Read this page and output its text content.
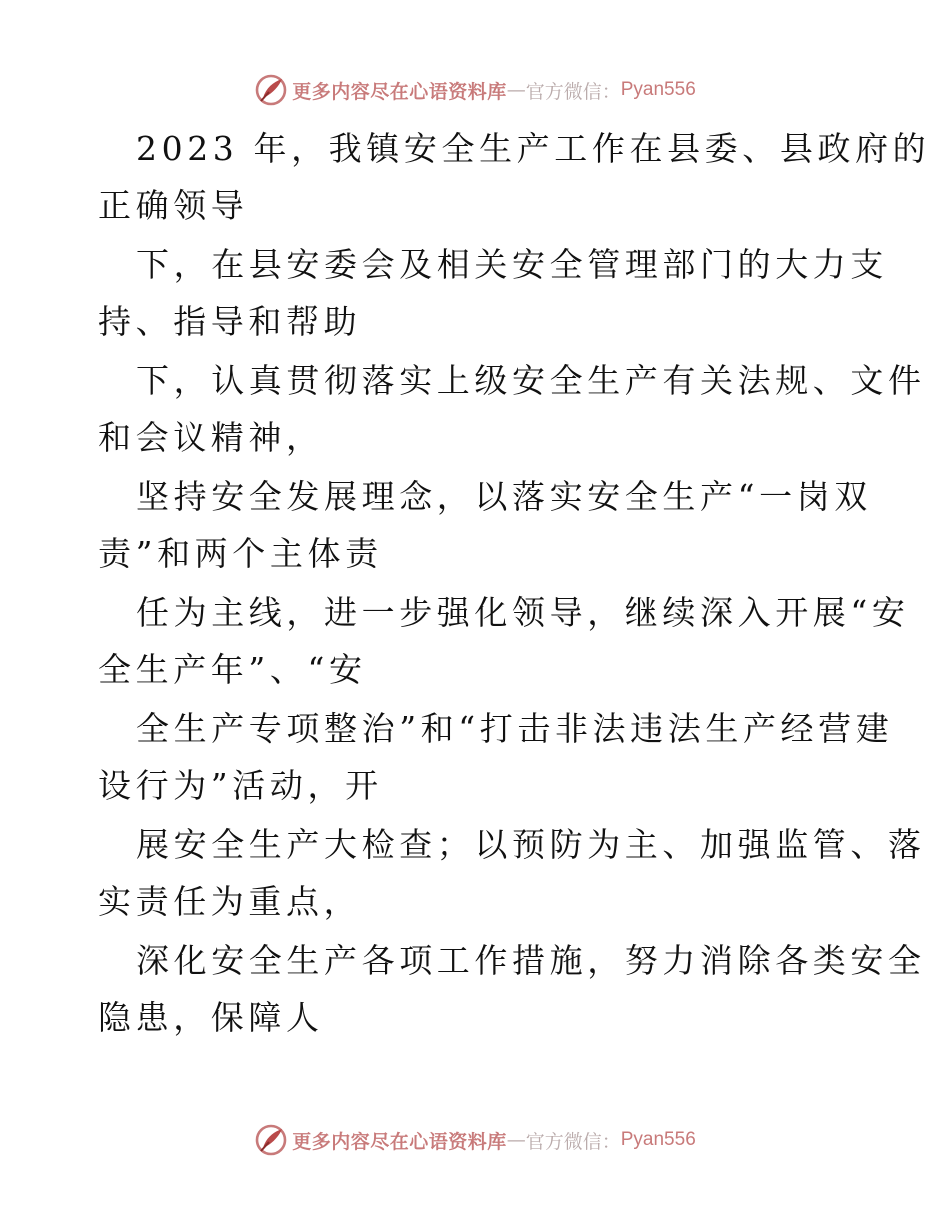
更多内容尽在心语资料库 — 官方微信： Pyan556

2023 年，我镇安全生产工作在县委、县政府的
正确领导

下，在县安委会及相关安全管理部门的大力支
持、指导和帮助

下，认真贯彻落实上级安全生产有关法规、文件
和会议精神，

坚持安全发展理念，以落实安全生产“一岗双
责”和两个主体责

任为主线，进一步强化领导，继续深入开展“安
全生产年”、“安

全生产专项整治”和“打击非法违法生产经营建
设行为”活动，开

展安全生产大检查；以预防为主、加强监管、落
实责任为重点，

深化安全生产各项工作措施，努力消除各类安全
隐患，保障人

更多内容尽在心语资料库 — 官方微信： Pyan556
